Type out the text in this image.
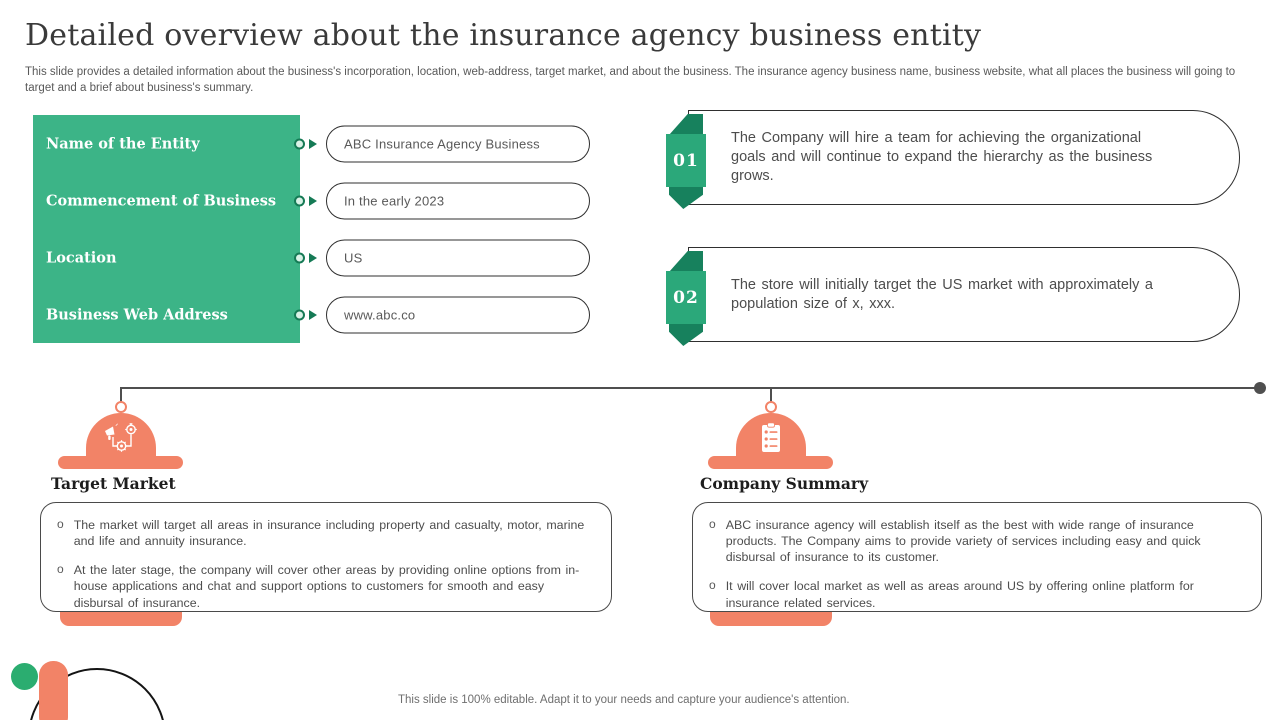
Detailed overview about the insurance agency business entity
This slide provides a detailed information about the business's incorporation, location, web-address, target market, and about the business. The insurance agency business name, business website, what all places the business will going to target and a brief about business's summary.
Name of the Entity	ABC Insurance Agency Business
Commencement of Business	In the early 2023
Location	US
Business Web Address	www.abc.co
01
The Company will hire a team for achieving the organizational goals and will continue to expand the hierarchy as the business grows.
02
The store will initially target the US market with approximately a population size of x, xxx.
Target Market	Company Summary
o The market will target all areas in insurance including property and casualty, motor, marine and life and annuity insurance.
o At the later stage, the company will cover other areas by providing online options from in-house applications and chat and support options to customers for smooth and easy disbursal of insurance.
o ABC insurance agency will establish itself as the best with wide range of insurance products. The Company aims to provide variety of services including easy and quick disbursal of insurance to its customer.
o It will cover local market as well as areas around US by offering online platform for insurance related services.
This slide is 100% editable. Adapt it to your needs and capture your audience's attention.
